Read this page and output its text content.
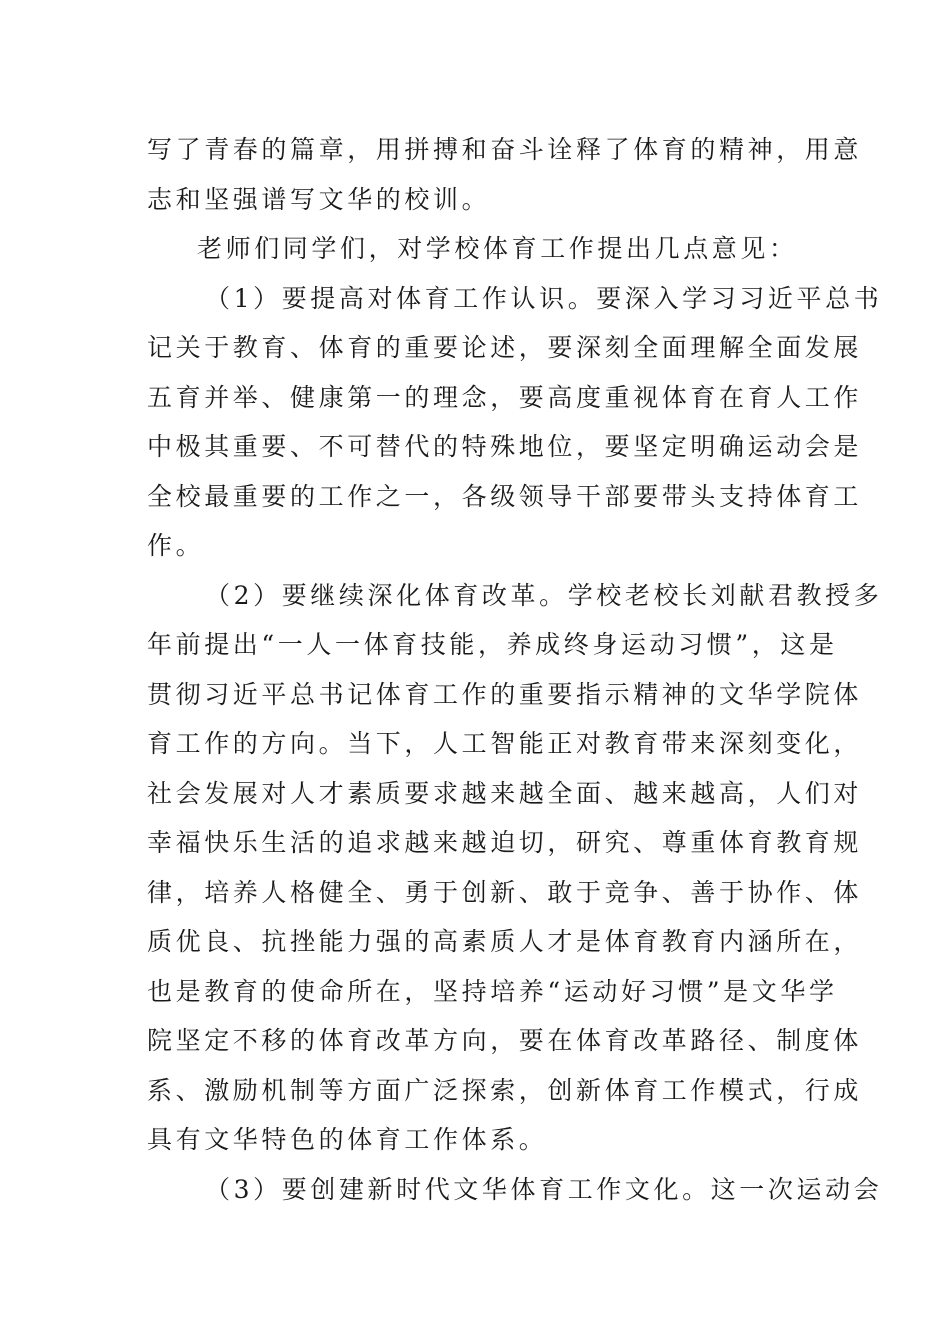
写了青春的篇章，用拼搏和奋斗诠释了体育的精神，用意
志和坚强谱写文华的校训。
老师们同学们，对学校体育工作提出几点意见：
（1）要提高对体育工作认识。要深入学习习近平总书
记关于教育、体育的重要论述，要深刻全面理解全面发展
五育并举、健康第一的理念，要高度重视体育在育人工作
中极其重要、不可替代的特殊地位，要坚定明确运动会是
全校最重要的工作之一，各级领导干部要带头支持体育工
作。
（2）要继续深化体育改革。学校老校长刘献君教授多
年前提出“一人一体育技能，养成终身运动习惯”，这是
贯彻习近平总书记体育工作的重要指示精神的文华学院体
育工作的方向。当下，人工智能正对教育带来深刻变化，
社会发展对人才素质要求越来越全面、越来越高，人们对
幸福快乐生活的追求越来越迫切，研究、尊重体育教育规
律，培养人格健全、勇于创新、敢于竞争、善于协作、体
质优良、抗挫能力强的高素质人才是体育教育内涵所在，
也是教育的使命所在，坚持培养“运动好习惯”是文华学
院坚定不移的体育改革方向，要在体育改革路径、制度体
系、激励机制等方面广泛探索，创新体育工作模式，行成
具有文华特色的体育工作体系。
（3）要创建新时代文华体育工作文化。这一次运动会
